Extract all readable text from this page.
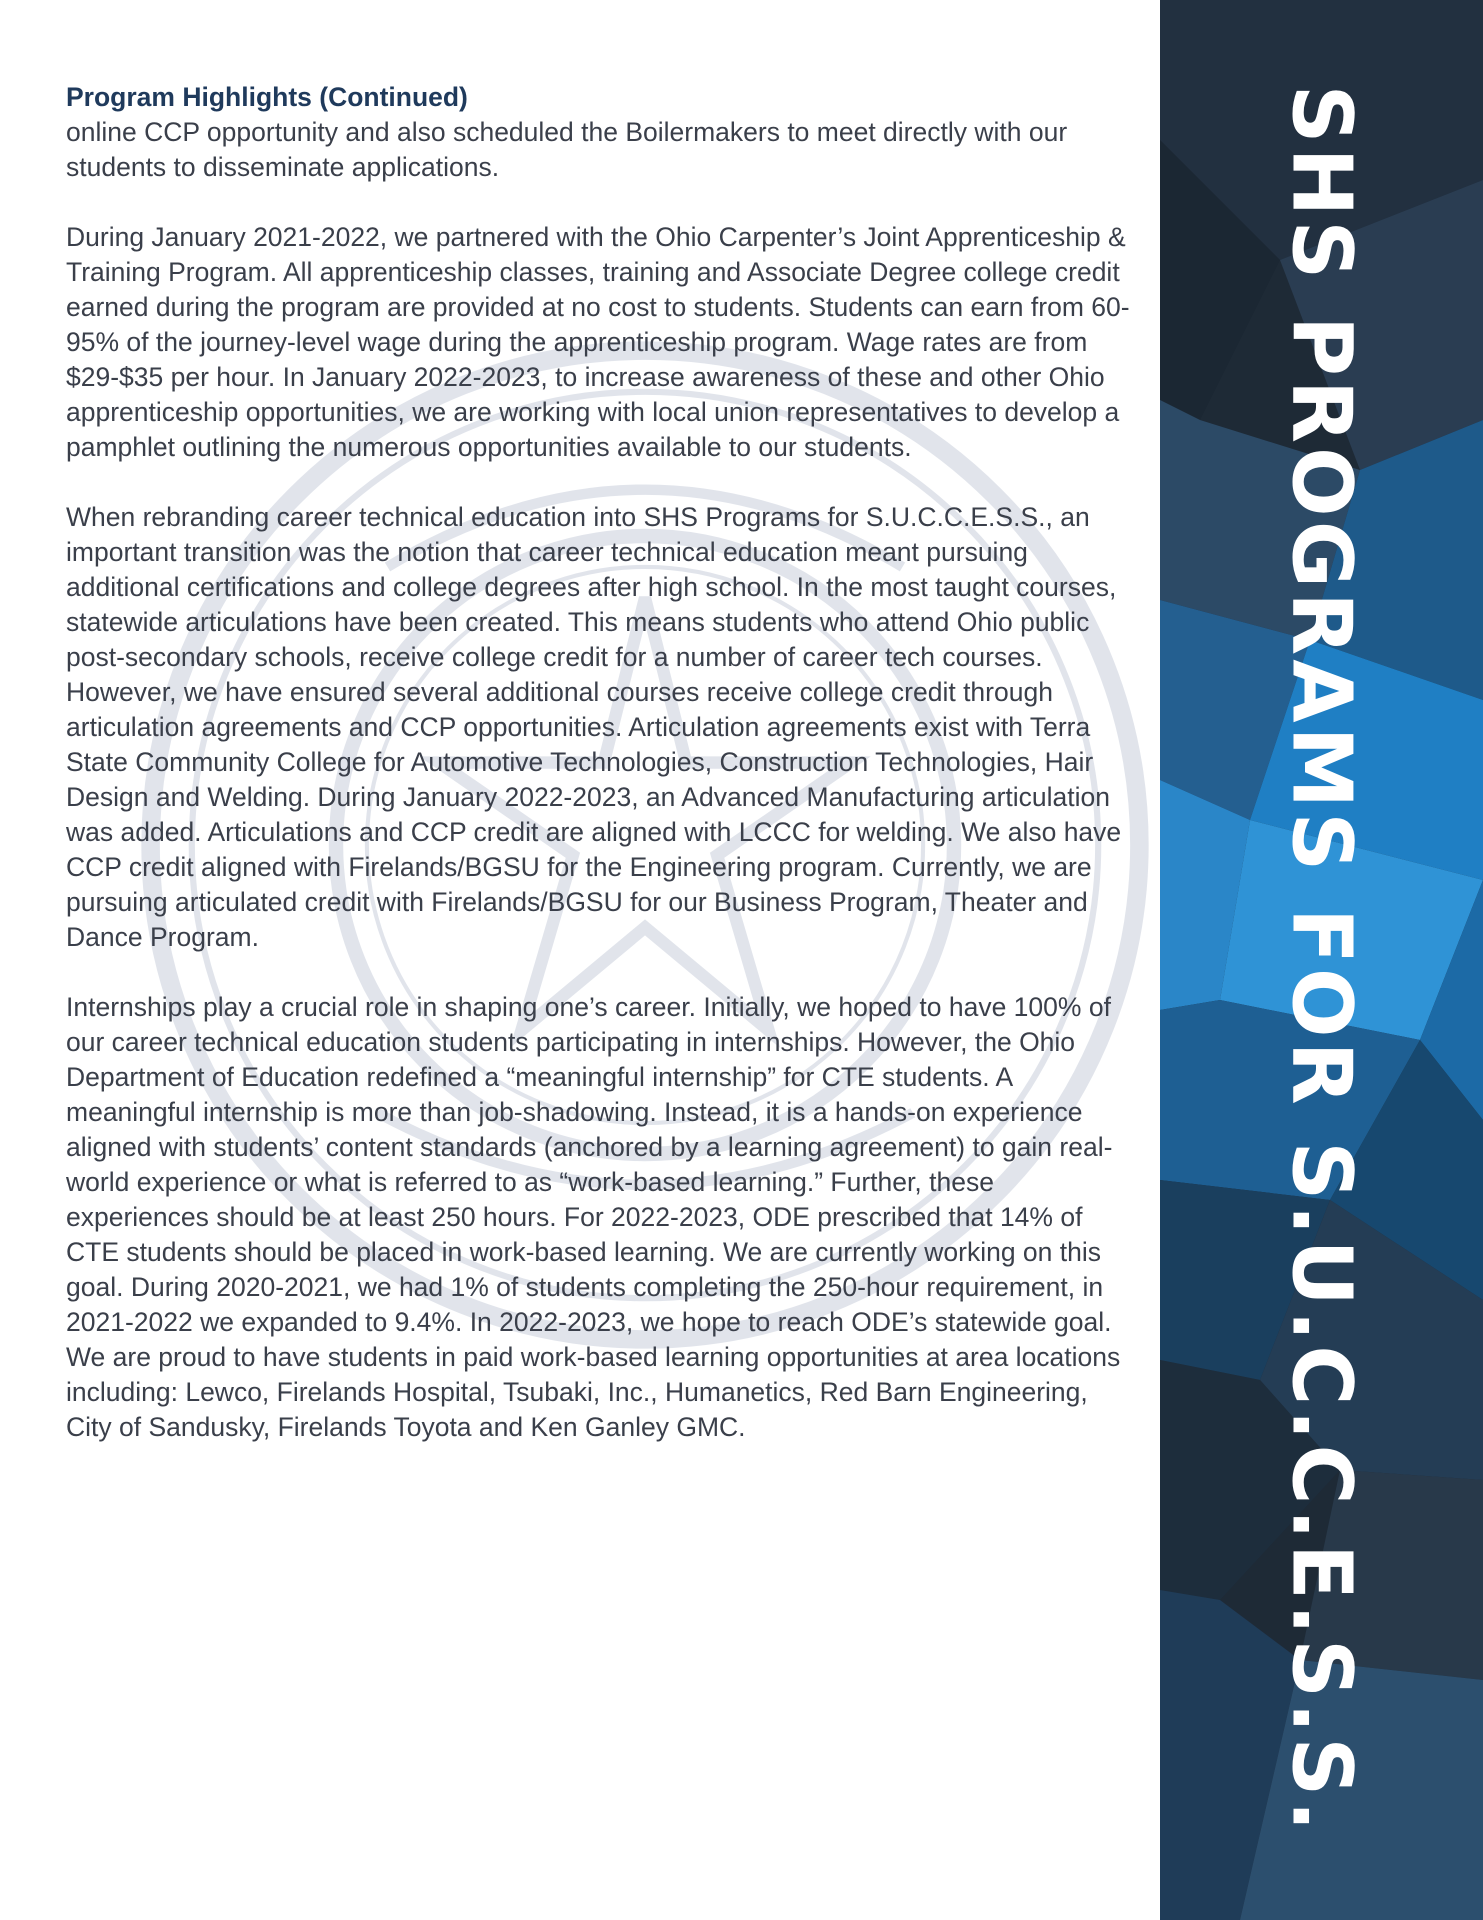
Program Highlights (Continued)

online CCP opportunity and also scheduled the Boilermakers to meet directly with our students to disseminate applications.

During January 2021-2022, we partnered with the Ohio Carpenter’s Joint Apprenticeship & Training Program. All apprenticeship classes, training and Associate Degree college credit earned during the program are provided at no cost to students. Students can earn from 60-95% of the journey-level wage during the apprenticeship program. Wage rates are from $29-$35 per hour. In January 2022-2023, to increase awareness of these and other Ohio apprenticeship opportunities, we are working with local union representatives to develop a pamphlet outlining the numerous opportunities available to our students.

When rebranding career technical education into SHS Programs for S.U.C.C.E.S.S., an important transition was the notion that career technical education meant pursuing additional certifications and college degrees after high school. In the most taught courses, statewide articulations have been created. This means students who attend Ohio public post-secondary schools, receive college credit for a number of career tech courses. However, we have ensured several additional courses receive college credit through articulation agreements and CCP opportunities. Articulation agreements exist with Terra State Community College for Automotive Technologies, Construction Technologies, Hair Design and Welding. During January 2022-2023, an Advanced Manufacturing articulation was added. Articulations and CCP credit are aligned with LCCC for welding. We also have CCP credit aligned with Firelands/BGSU for the Engineering program. Currently, we are pursuing articulated credit with Firelands/BGSU for our Business Program, Theater and Dance Program.

Internships play a crucial role in shaping one’s career. Initially, we hoped to have 100% of our career technical education students participating in internships. However, the Ohio Department of Education redefined a “meaningful internship” for CTE students. A meaningful internship is more than job-shadowing. Instead, it is a hands-on experience aligned with students’ content standards (anchored by a learning agreement) to gain real-world experience or what is referred to as “work-based learning.” Further, these experiences should be at least 250 hours. For 2022-2023, ODE prescribed that 14% of CTE students should be placed in work-based learning. We are currently working on this goal. During 2020-2021, we had 1% of students completing the 250-hour requirement, in 2021-2022 we expanded to 9.4%. In 2022-2023, we hope to reach ODE’s statewide goal. We are proud to have students in paid work-based learning opportunities at area locations including: Lewco, Firelands Hospital, Tsubaki, Inc., Humanetics, Red Barn Engineering, City of Sandusky, Firelands Toyota and Ken Ganley GMC.	SHS PROGRAMS FOR S.U.C.C.E.S.S.
